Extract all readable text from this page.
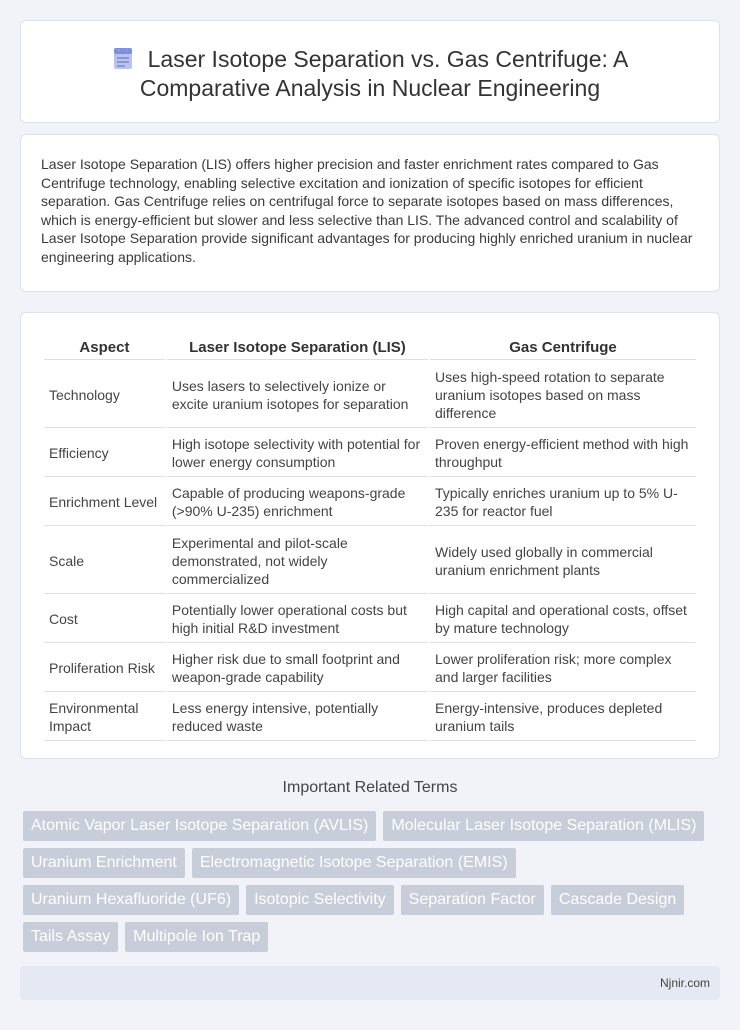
Laser Isotope Separation vs. Gas Centrifuge: A Comparative Analysis in Nuclear Engineering

Laser Isotope Separation (LIS) offers higher precision and faster enrichment rates compared to Gas Centrifuge technology, enabling selective excitation and ionization of specific isotopes for efficient separation. Gas Centrifuge relies on centrifugal force to separate isotopes based on mass differences, which is energy-efficient but slower and less selective than LIS. The advanced control and scalability of Laser Isotope Separation provide significant advantages for producing highly enriched uranium in nuclear engineering applications.

Aspect	Laser Isotope Separation (LIS)	Gas Centrifuge
Technology	Uses lasers to selectively ionize or excite uranium isotopes for separation	Uses high-speed rotation to separate uranium isotopes based on mass difference
Efficiency	High isotope selectivity with potential for lower energy consumption	Proven energy-efficient method with high throughput
Enrichment Level	Capable of producing weapons-grade (>90% U-235) enrichment	Typically enriches uranium up to 5% U-235 for reactor fuel
Scale	Experimental and pilot-scale demonstrated, not widely commercialized	Widely used globally in commercial uranium enrichment plants
Cost	Potentially lower operational costs but high initial R&D investment	High capital and operational costs, offset by mature technology
Proliferation Risk	Higher risk due to small footprint and weapon-grade capability	Lower proliferation risk; more complex and larger facilities
Environmental Impact	Less energy intensive, potentially reduced waste	Energy-intensive, produces depleted uranium tails
Important Related Terms
Atomic Vapor Laser Isotope Separation (AVLIS)	Molecular Laser Isotope Separation (MLIS)
Uranium Enrichment	Electromagnetic Isotope Separation (EMIS)
Uranium Hexafluoride (UF6)	Isotopic Selectivity	Separation Factor	Cascade Design
Tails Assay	Multipole Ion Trap
Njnir.com
